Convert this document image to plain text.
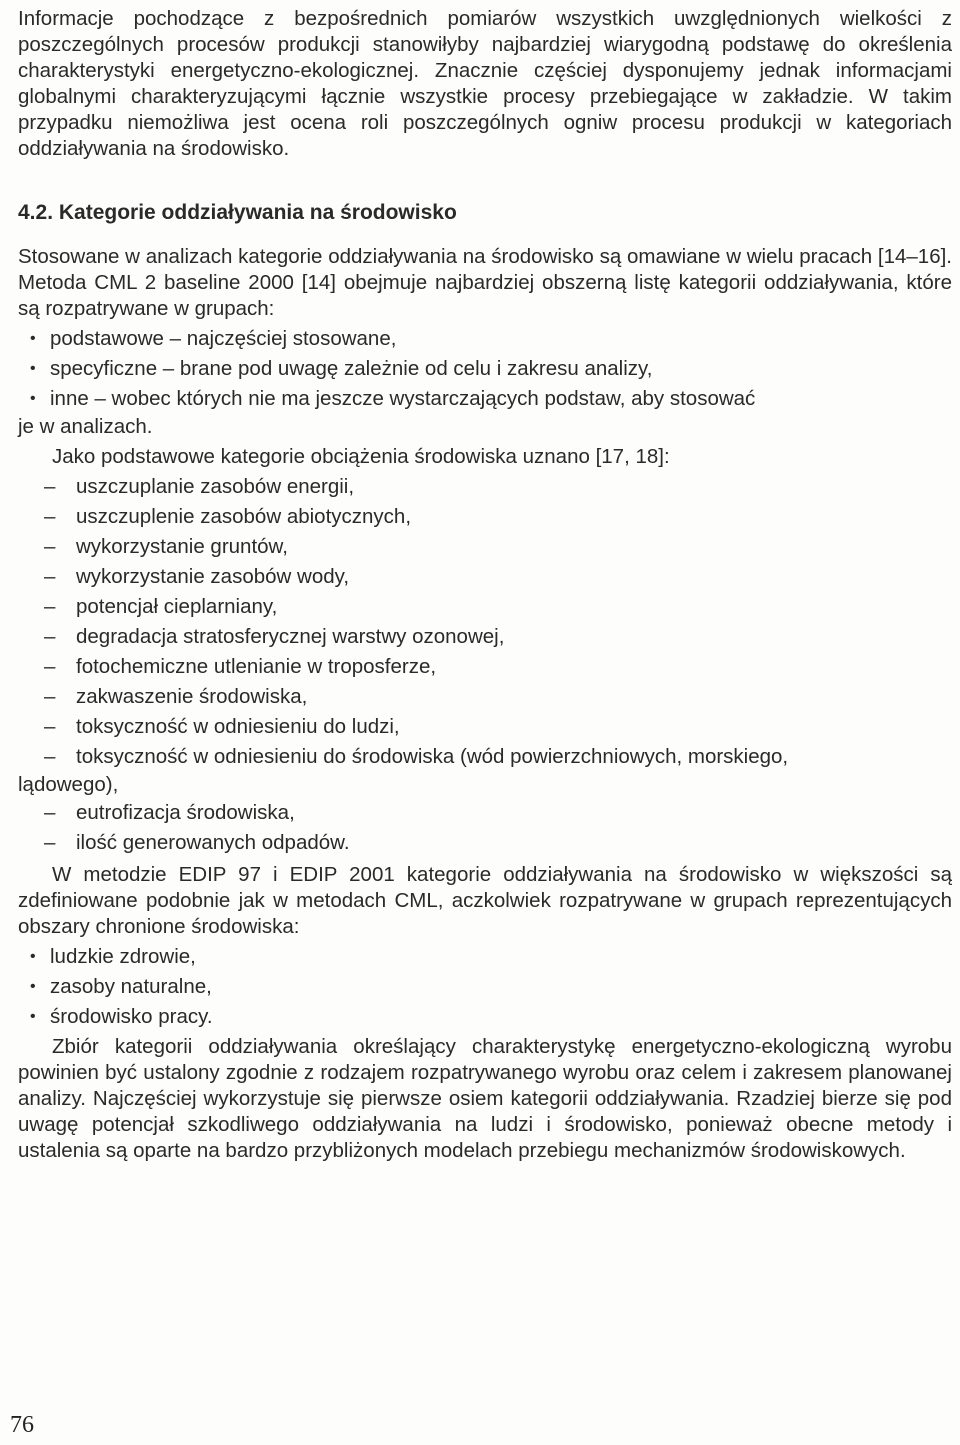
Informacje pochodzące z bezpośrednich pomiarów wszystkich uwzględnionych wielkości z poszczególnych procesów produkcji stanowiłyby najbardziej wiarygodną podstawę do określenia charakterystyki energetyczno-ekologicznej. Znacznie częściej dysponujemy jednak informacjami globalnymi charakteryzującymi łącznie wszystkie procesy przebiegające w zakładzie. W takim przypadku niemożliwa jest ocena roli poszczególnych ogniw procesu produkcji w kategoriach oddziaływania na środowisko.

4.2. Kategorie oddziaływania na środowisko

Stosowane w analizach kategorie oddziaływania na środowisko są omawiane w wielu pracach [14–16]. Metoda CML 2 baseline 2000 [14] obejmuje najbardziej obszerną listę kategorii oddziaływania, które są rozpatrywane w grupach:

• podstawowe – najczęściej stosowane,
• specyficzne – brane pod uwagę zależnie od celu i zakresu analizy,
• inne – wobec których nie ma jeszcze wystarczających podstaw, aby stosować

je w analizach.

Jako podstawowe kategorie obciążenia środowiska uznano [17, 18]:

– uszczuplanie zasobów energii,
– uszczuplenie zasobów abiotycznych,
– wykorzystanie gruntów,
– wykorzystanie zasobów wody,
– potencjał cieplarniany,
– degradacja stratosferycznej warstwy ozonowej,
– fotochemiczne utlenianie w troposferze,
– zakwaszenie środowiska,
– toksyczność w odniesieniu do ludzi,
– toksyczność w odniesieniu do środowiska (wód powierzchniowych, morskiego,

lądowego),

– eutrofizacja środowiska,
– ilość generowanych odpadów.

W metodzie EDIP 97 i EDIP 2001 kategorie oddziaływania na środowisko w większości są zdefiniowane podobnie jak w metodach CML, aczkolwiek rozpatrywane w grupach reprezentujących obszary chronione środowiska:

• ludzkie zdrowie,
• zasoby naturalne,
• środowisko pracy.

Zbiór kategorii oddziaływania określający charakterystykę energetyczno-ekologiczną wyrobu powinien być ustalony zgodnie z rodzajem rozpatrywanego wyrobu oraz celem i zakresem planowanej analizy. Najczęściej wykorzystuje się pierwsze osiem kategorii oddziaływania. Rzadziej bierze się pod uwagę potencjał szkodliwego oddziaływania na ludzi i środowisko, ponieważ obecne metody i ustalenia są oparte na bardzo przybliżonych modelach przebiegu mechanizmów środowiskowych.

76
